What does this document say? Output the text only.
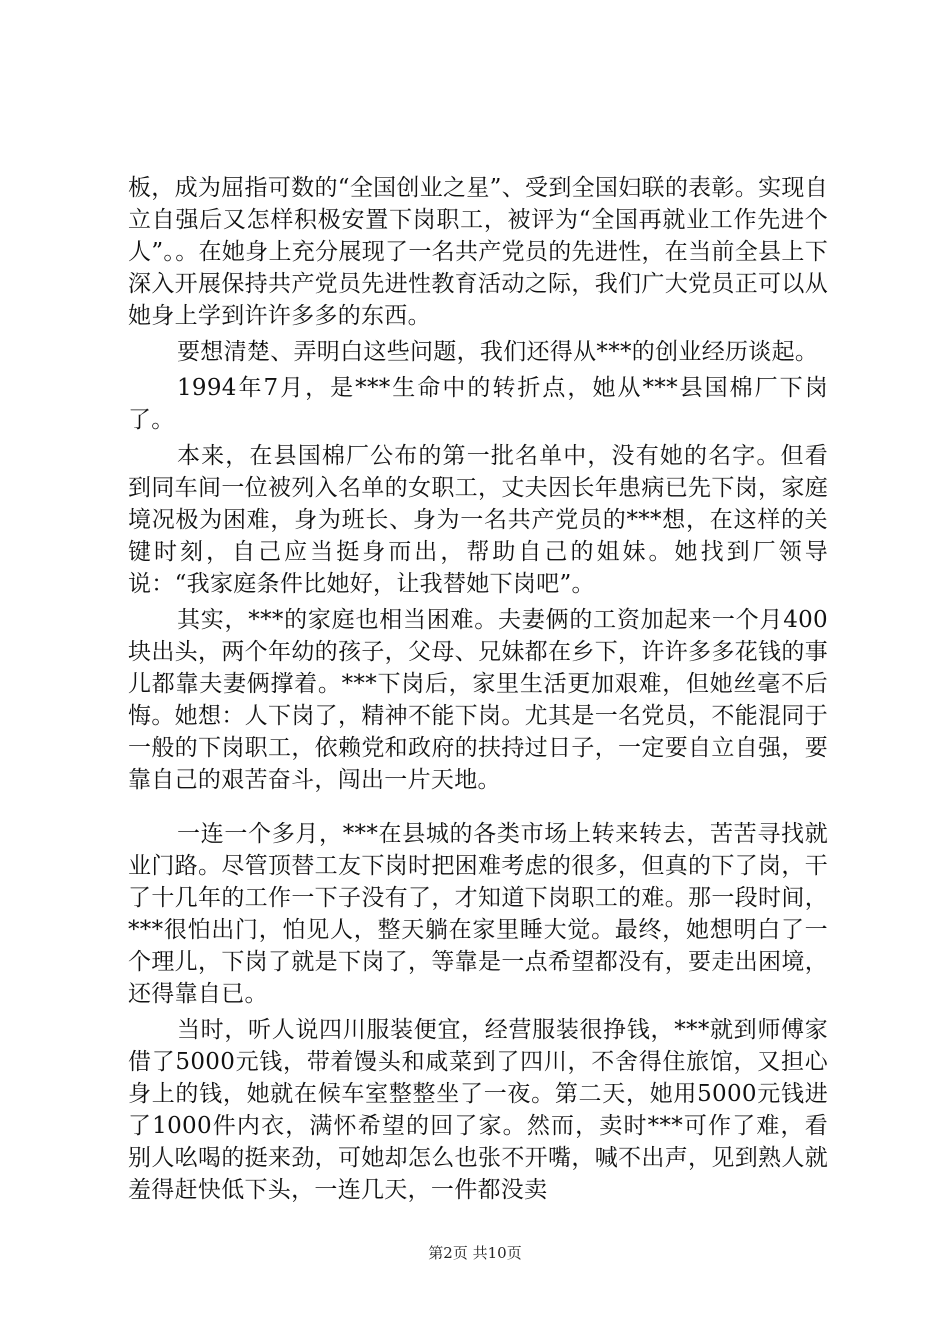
板，成为屈指可数的“全国创业之星”、受到全国妇联的表彰。实现自立自强后又怎样积极安置下岗职工，被评为“全国再就业工作先进个人”。。在她身上充分展现了一名共产党员的先进性，在当前全县上下深入开展保持共产党员先进性教育活动之际，我们广大党员正可以从她身上学到许许多多的东西。

要想清楚、弄明白这些问题，我们还得从***的创业经历谈起。

1994年7月，是***生命中的转折点，她从***县国棉厂下岗了。

本来，在县国棉厂公布的第一批名单中，没有她的名字。但看到同车间一位被列入名单的女职工，丈夫因长年患病已先下岗，家庭境况极为困难，身为班长、身为一名共产党员的***想，在这样的关键时刻，自己应当挺身而出，帮助自己的姐妹。她找到厂领导说：“我家庭条件比她好，让我替她下岗吧”。

其实，***的家庭也相当困难。夫妻俩的工资加起来一个月400块出头，两个年幼的孩子，父母、兄妹都在乡下，许许多多花钱的事儿都靠夫妻俩撑着。***下岗后，家里生活更加艰难，但她丝毫不后悔。她想：人下岗了，精神不能下岗。尤其是一名党员，不能混同于一般的下岗职工，依赖党和政府的扶持过日子，一定要自立自强，要靠自己的艰苦奋斗，闯出一片天地。

一连一个多月，***在县城的各类市场上转来转去，苦苦寻找就业门路。尽管顶替工友下岗时把困难考虑的很多，但真的下了岗，干了十几年的工作一下子没有了，才知道下岗职工的难。那一段时间，***很怕出门，怕见人，整天躺在家里睡大觉。最终，她想明白了一个理儿，下岗了就是下岗了，等靠是一点希望都没有，要走出困境，还得靠自已。

当时，听人说四川服装便宜，经营服装很挣钱，***就到师傅家借了5000元钱，带着馒头和咸菜到了四川，不舍得住旅馆，又担心身上的钱，她就在候车室整整坐了一夜。第二天，她用5000元钱进了1000件内衣，满怀希望的回了家。然而，卖时***可作了难，看别人吆喝的挺来劲，可她却怎么也张不开嘴，喊不出声，见到熟人就羞得赶快低下头，一连几天，一件都没卖

第2页 共10页
